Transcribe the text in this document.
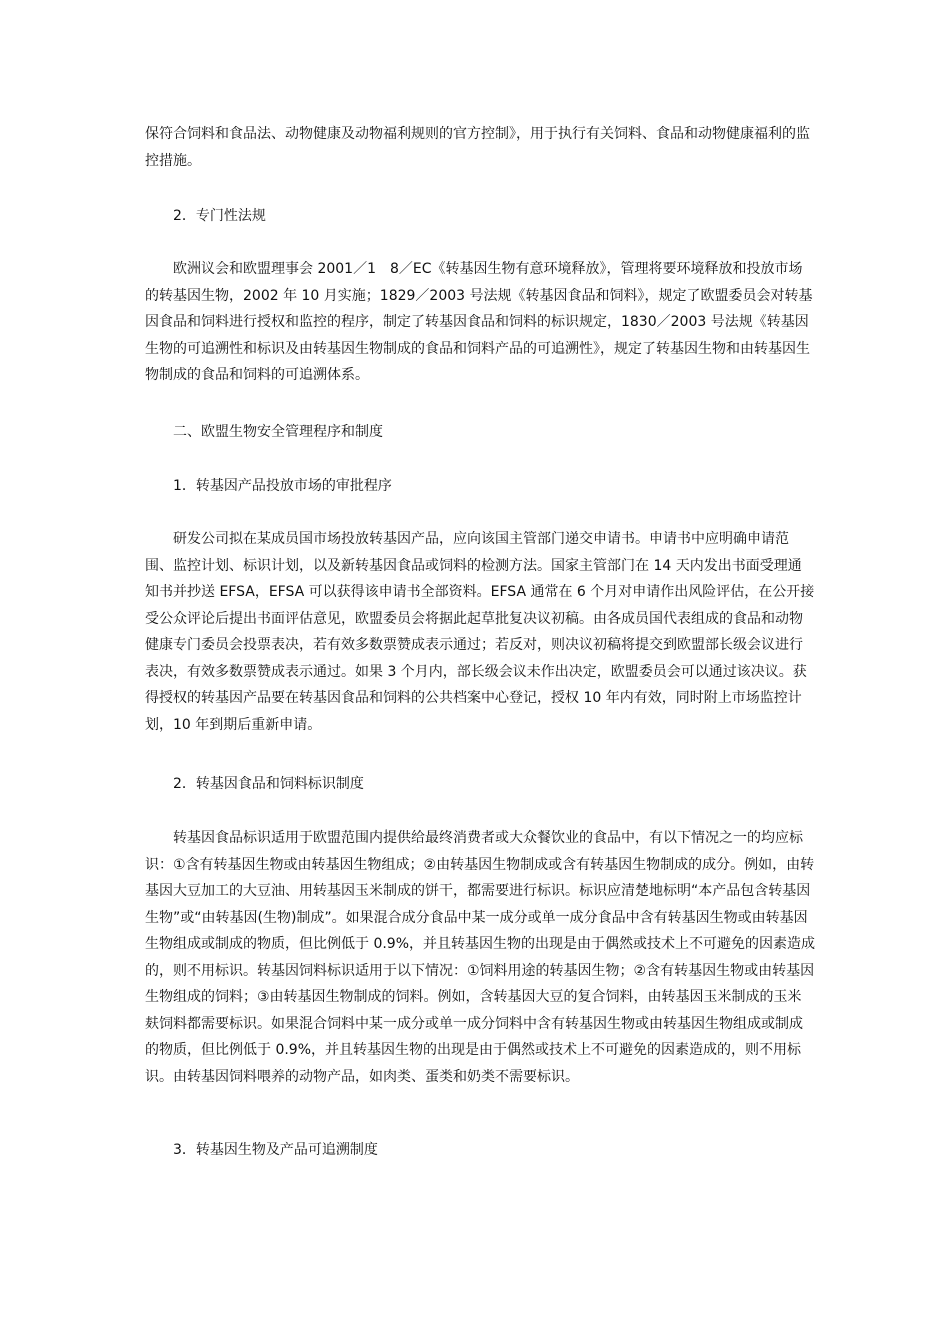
保符合饲料和食品法、动物健康及动物福利规则的官方控制》，用于执行有关饲料、食品和动物健康福利的监控措施。
2．专门性法规
　　欧洲议会和欧盟理事会 2001／1　8／EC《转基因生物有意环境释放》，管理将要环境释放和投放市场的转基因生物，2002 年 10 月实施；1829／2003 号法规《转基因食品和饲料》，规定了欧盟委员会对转基因食品和饲料进行授权和监控的程序，制定了转基因食品和饲料的标识规定，1830／2003 号法规《转基因生物的可追溯性和标识及由转基因生物制成的食品和饲料产品的可追溯性》，规定了转基因生物和由转基因生物制成的食品和饲料的可追溯体系。
二、欧盟生物安全管理程序和制度
1．转基因产品投放市场的审批程序
　　研发公司拟在某成员国市场投放转基因产品，应向该国主管部门递交申请书。申请书中应明确申请范围、监控计划、标识计划，以及新转基因食品或饲料的检测方法。国家主管部门在 14 天内发出书面受理通知书并抄送 EFSA，EFSA 可以获得该申请书全部资料。EFSA 通常在 6 个月对申请作出风险评估，在公开接受公众评论后提出书面评估意见，欧盟委员会将据此起草批复决议初稿。由各成员国代表组成的食品和动物健康专门委员会投票表决，若有效多数票赞成表示通过；若反对，则决议初稿将提交到欧盟部长级会议进行表决，有效多数票赞成表示通过。如果 3 个月内，部长级会议未作出决定，欧盟委员会可以通过该决议。获得授权的转基因产品要在转基因食品和饲料的公共档案中心登记，授权 10 年内有效，同时附上市场监控计划，10 年到期后重新申请。
2．转基因食品和饲料标识制度
　　转基因食品标识适用于欧盟范围内提供给最终消费者或大众餐饮业的食品中，有以下情况之一的均应标识：①含有转基因生物或由转基因生物组成；②由转基因生物制成或含有转基因生物制成的成分。例如，由转基因大豆加工的大豆油、用转基因玉米制成的饼干，都需要进行标识。标识应清楚地标明“本产品包含转基因生物”或“由转基因(生物)制成”。如果混合成分食品中某一成分或单一成分食品中含有转基因生物或由转基因生物组成或制成的物质，但比例低于 0.9%，并且转基因生物的出现是由于偶然或技术上不可避免的因素造成的，则不用标识。转基因饲料标识适用于以下情况：①饲料用途的转基因生物；②含有转基因生物或由转基因生物组成的饲料；③由转基因生物制成的饲料。例如，含转基因大豆的复合饲料，由转基因玉米制成的玉米麸饲料都需要标识。如果混合饲料中某一成分或单一成分饲料中含有转基因生物或由转基因生物组成或制成的物质，但比例低于 0.9%，并且转基因生物的出现是由于偶然或技术上不可避免的因素造成的，则不用标识。由转基因饲料喂养的动物产品，如肉类、蛋类和奶类不需要标识。
3．转基因生物及产品可追溯制度
